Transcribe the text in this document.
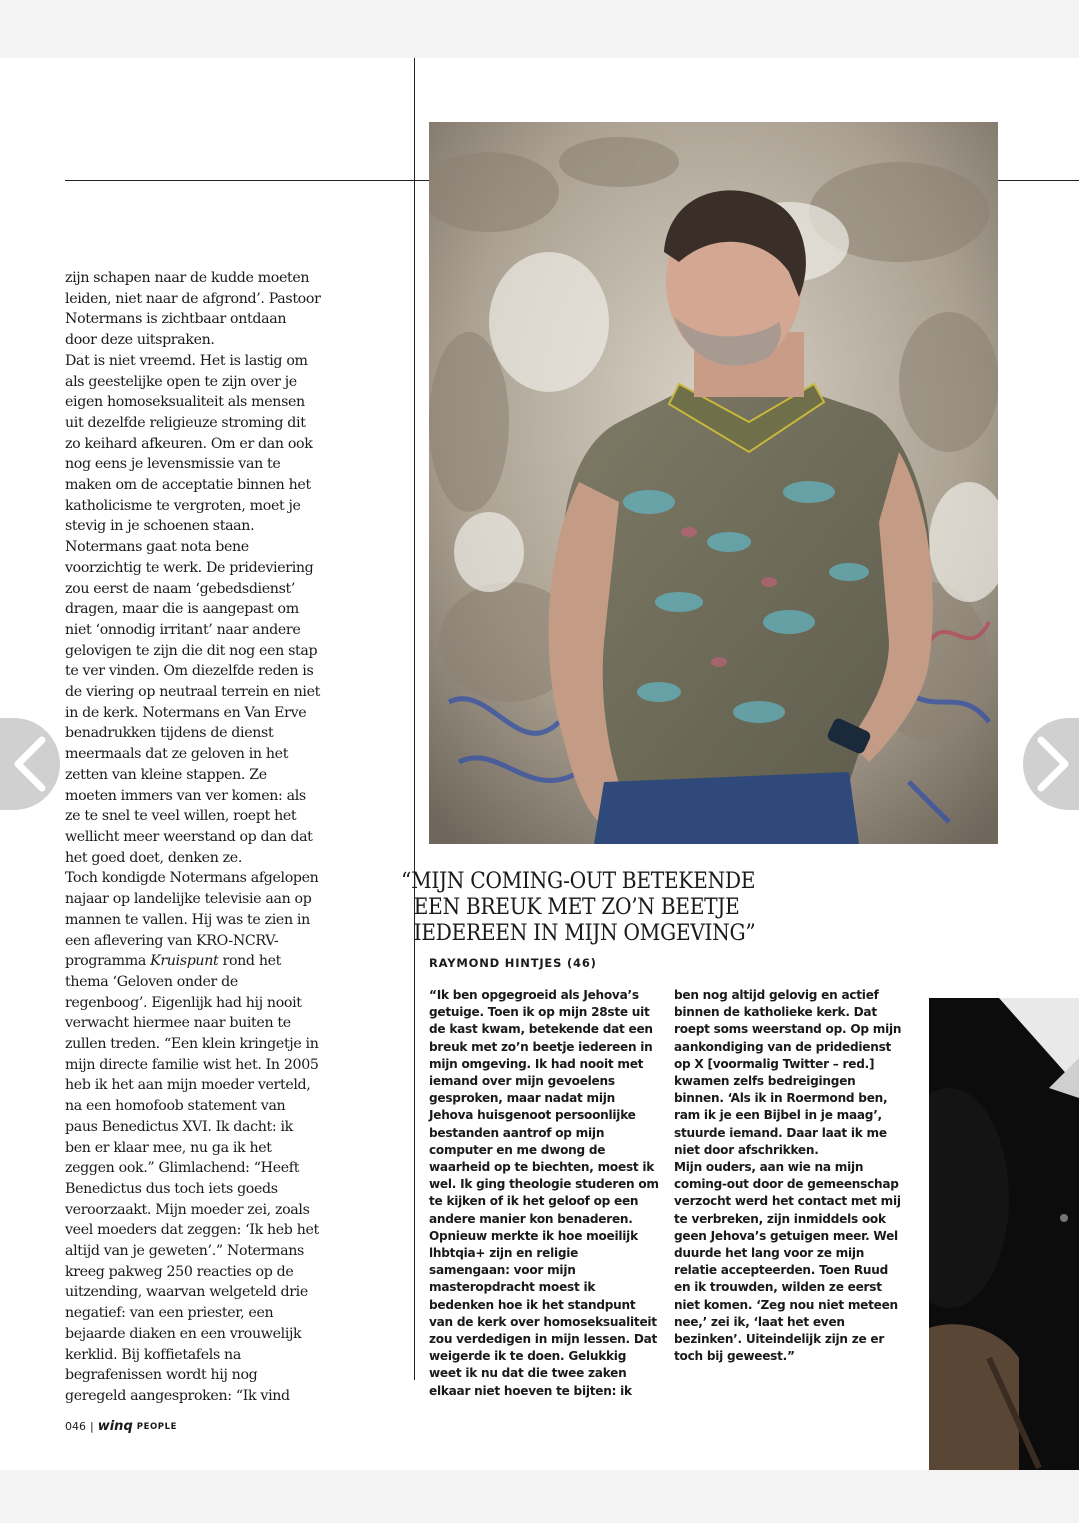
zijn schapen naar de kudde moeten leiden, niet naar de afgrond’. Pastoor Notermans is zichtbaar ontdaan door deze uitspraken.

Dat is niet vreemd. Het is lastig om als geestelijke open te zijn over je eigen homoseksualiteit als mensen uit dezelfde religieuze stroming dit zo keihard afkeuren. Om er dan ook nog eens je levensmissie van te maken om de acceptatie binnen het katholicisme te vergroten, moet je stevig in je schoenen staan. Notermans gaat nota bene voorzichtig te werk. De prideviering zou eerst de naam ‘gebedsdienst’ dragen, maar die is aangepast om niet ‘onnodig irritant’ naar andere gelovigen te zijn die dit nog een stap te ver vinden. Om diezelfde reden is de viering op neutraal terrein en niet in de kerk. Notermans en Van Erve benadrukken tijdens de dienst meermaals dat ze geloven in het zetten van kleine stappen. Ze moeten immers van ver komen: als ze te snel te veel willen, roept het wellicht meer weerstand op dan dat het goed doet, denken ze.

Toch kondigde Notermans afgelopen najaar op landelijke televisie aan op mannen te vallen. Hij was te zien in een aflevering van KRO-NCRV-programma Kruispunt rond het thema ‘Geloven onder de regenboog’. Eigenlijk had hij nooit verwacht hiermee naar buiten te zullen treden. “Een klein kringetje in mijn directe familie wist het. In 2005 heb ik het aan mijn moeder verteld, na een homofoob statement van paus Benedictus XVI. Ik dacht: ik ben er klaar mee, nu ga ik het zeggen ook.” Glimlachend: “Heeft Benedictus dus toch iets goeds veroorzaakt. Mijn moeder zei, zoals veel moeders dat zeggen: ‘Ik heb het altijd van je geweten’.” Notermans kreeg pakweg 250 reacties op de uitzending, waarvan welgeteld drie negatief: van een priester, een bejaarde diaken en een vrouwelijk kerklid. Bij koffietafels na begrafenissen wordt hij nog geregeld aangesproken: “Ik vind

“MIJN COMING-OUT BETEKENDE
EEN BREUK MET ZO’N BEETJE
IEDEREEN IN MIJN OMGEVING”
RAYMOND HINTJES (46)

“Ik ben opgegroeid als Jehova’s getuige. Toen ik op mijn 28ste uit de kast kwam, betekende dat een breuk met zo’n beetje iedereen in mijn omgeving. Ik had nooit met iemand over mijn gevoelens gesproken, maar nadat mijn Jehova huisgenoot persoonlijke bestanden aantrof op mijn computer en me dwong de waarheid op te biechten, moest ik wel. Ik ging theologie studeren om te kijken of ik het geloof op een andere manier kon benaderen. Opnieuw merkte ik hoe moeilijk lhbtqia+ zijn en religie samengaan: voor mijn masteropdracht moest ik bedenken hoe ik het standpunt van de kerk over homoseksualiteit zou verdedigen in mijn lessen. Dat weigerde ik te doen. Gelukkig weet ik nu dat die twee zaken elkaar niet hoeven te bijten: ik

ben nog altijd gelovig en actief binnen de katholieke kerk. Dat roept soms weerstand op. Op mijn aankondiging van de pridedienst op X [voormalig Twitter – red.] kwamen zelfs bedreigingen binnen. ‘Als ik in Roermond ben, ram ik je een Bijbel in je maag’, stuurde iemand. Daar laat ik me niet door afschrikken.

Mijn ouders, aan wie na mijn coming-out door de gemeenschap verzocht werd het contact met mij te verbreken, zijn inmiddels ook geen Jehova’s getuigen meer. Wel duurde het lang voor ze mijn relatie accepteerden. Toen Ruud en ik trouwden, wilden ze eerst niet komen. ‘Zeg nou niet meteen nee,’ zei ik, ‘laat het even bezinken’. Uiteindelijk zijn ze er toch bij geweest.”

046 | winq PEOPLE
